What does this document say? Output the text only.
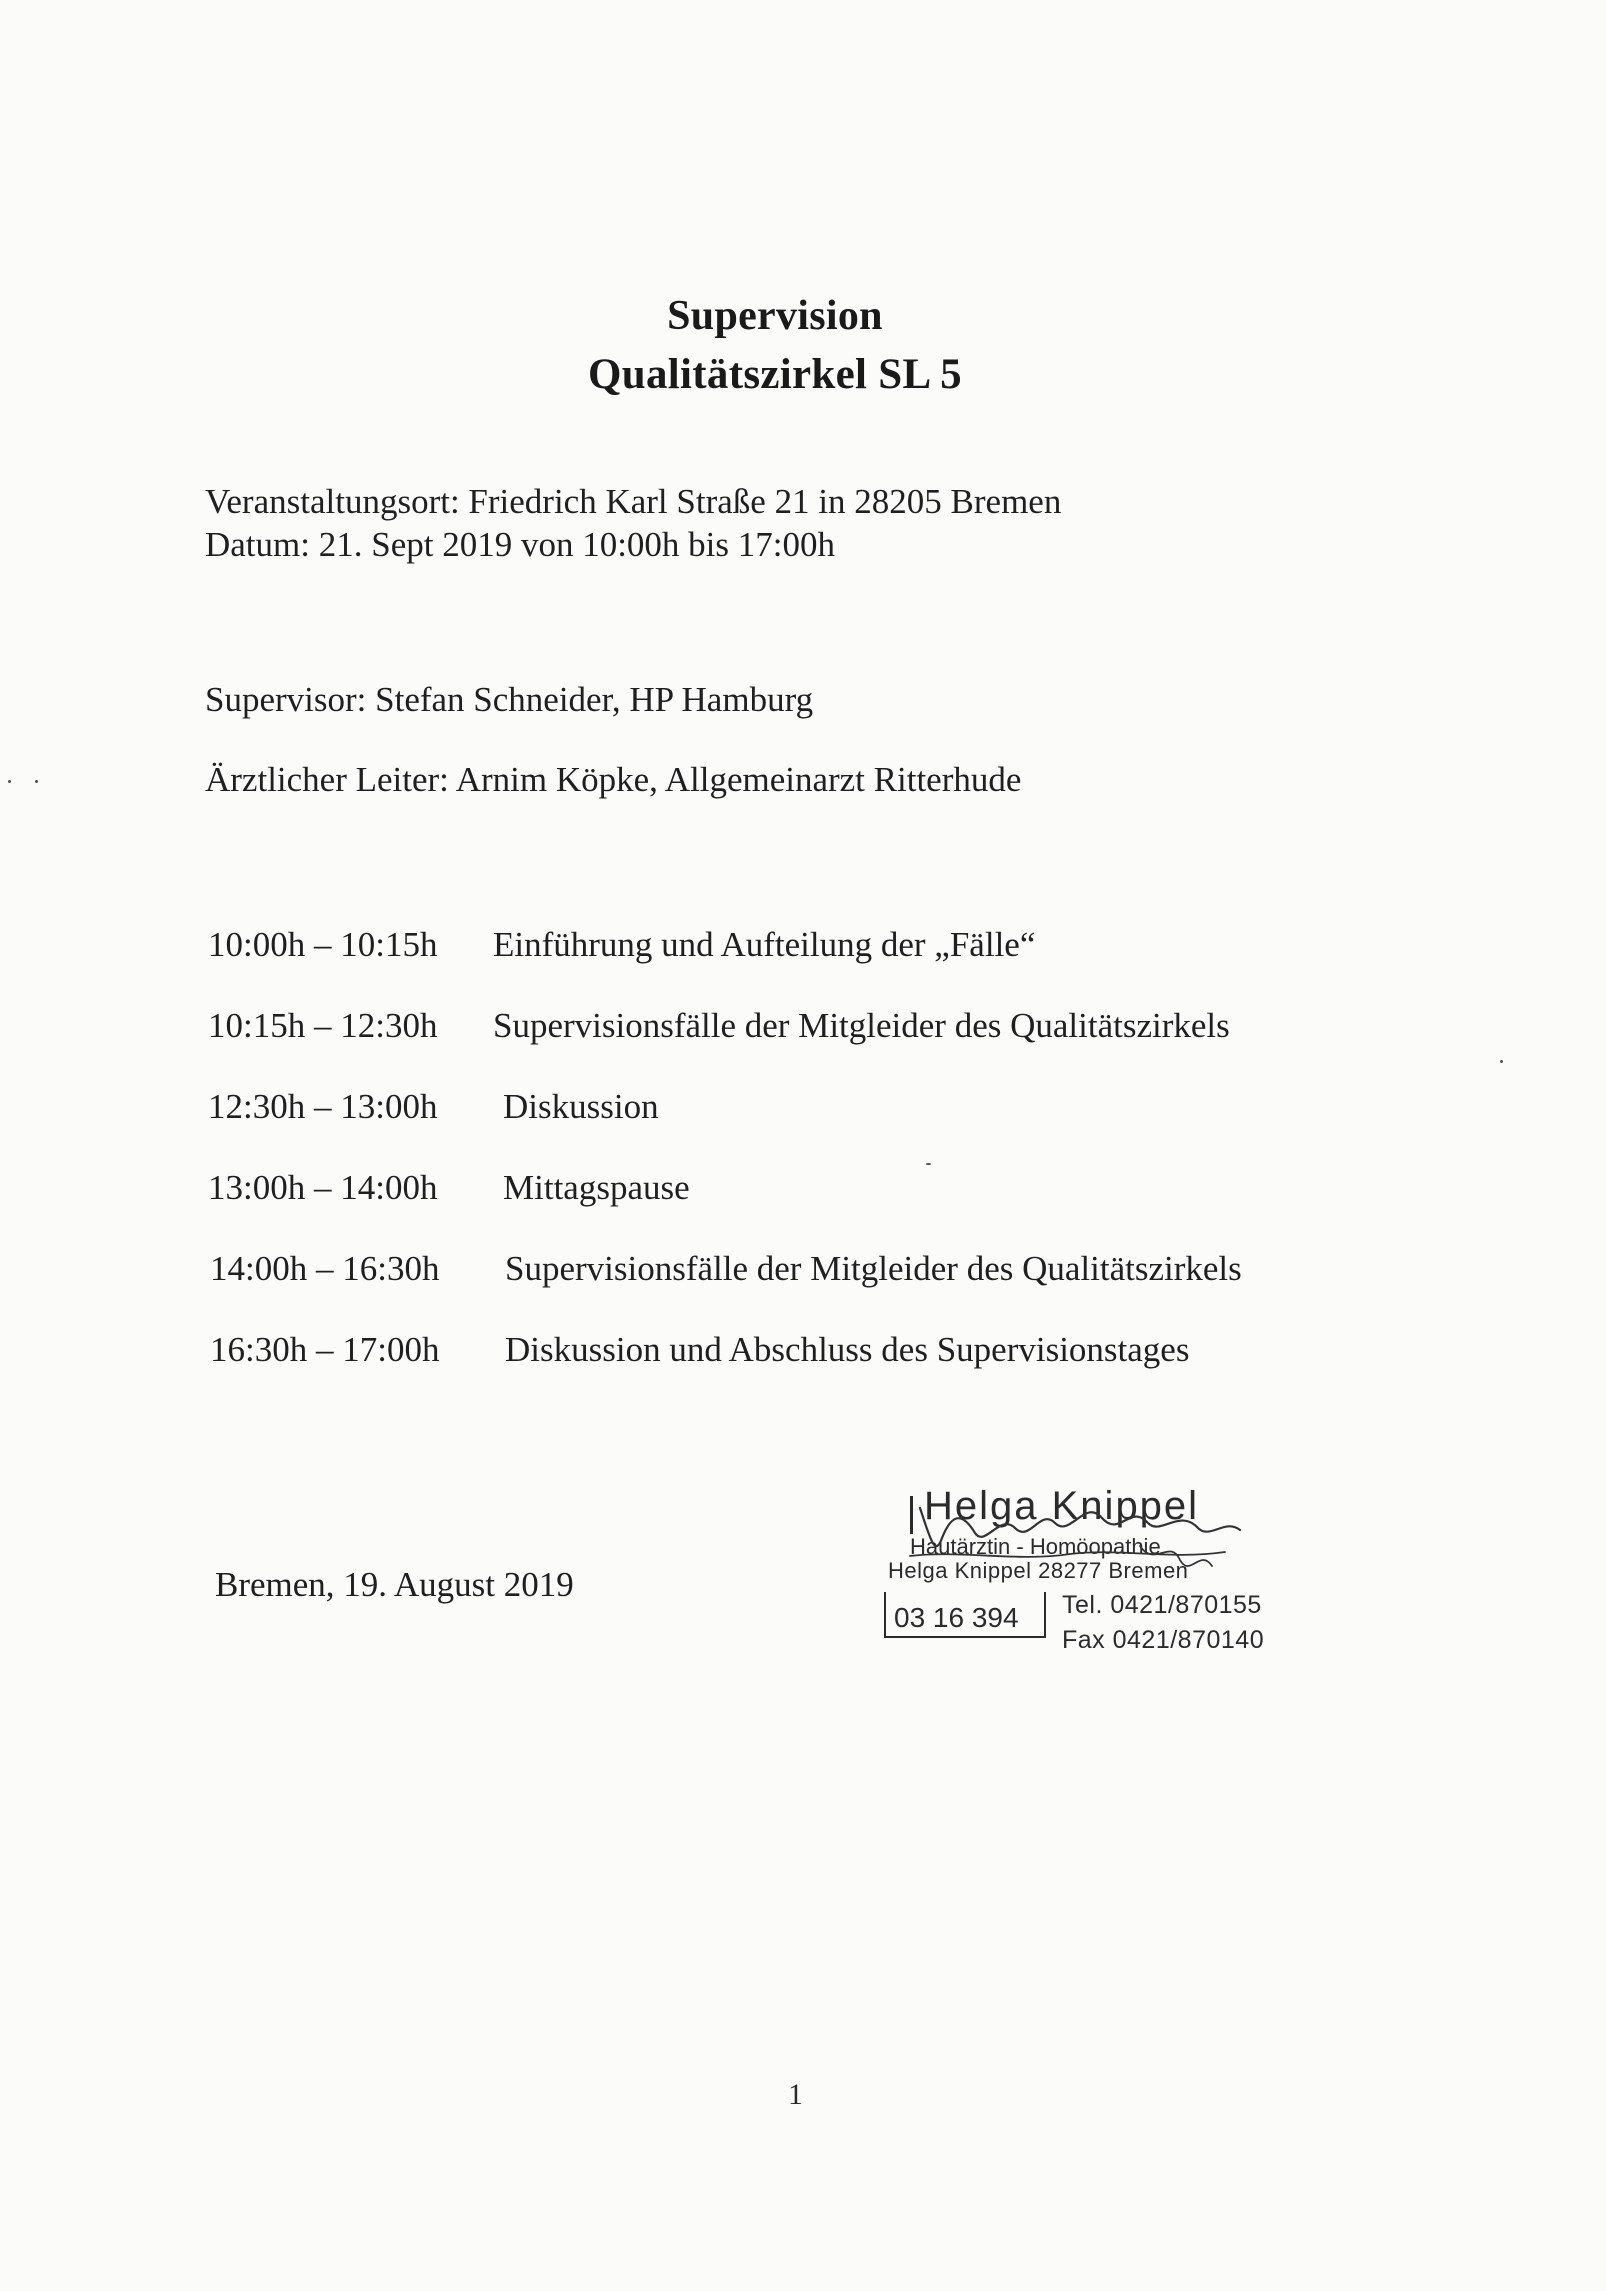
Supervision
Qualitätszirkel SL 5
Veranstaltungsort: Friedrich Karl Straße 21 in 28205 Bremen
Datum: 21. Sept 2019 von 10:00h bis 17:00h
Supervisor: Stefan Schneider, HP Hamburg
Ärztlicher Leiter: Arnim Köpke, Allgemeinarzt Ritterhude
10:00h – 10:15h Einführung und Aufteilung der „Fälle“
10:15h – 12:30h Supervisionsfälle der Mitgleider des Qualitätszirkels
12:30h – 13:00h Diskussion
13:00h – 14:00h Mittagspause
14:00h – 16:30h Supervisionsfälle der Mitgleider des Qualitätszirkels
16:30h – 17:00h Diskussion und Abschluss des Supervisionstages
Bremen, 19. August 2019
Helga Knippel
Hautärztin - Homöopathie
Helga Knippel 28277 Bremen
03 16 394	Tel. 0421/870155
Fax 0421/870140
1
